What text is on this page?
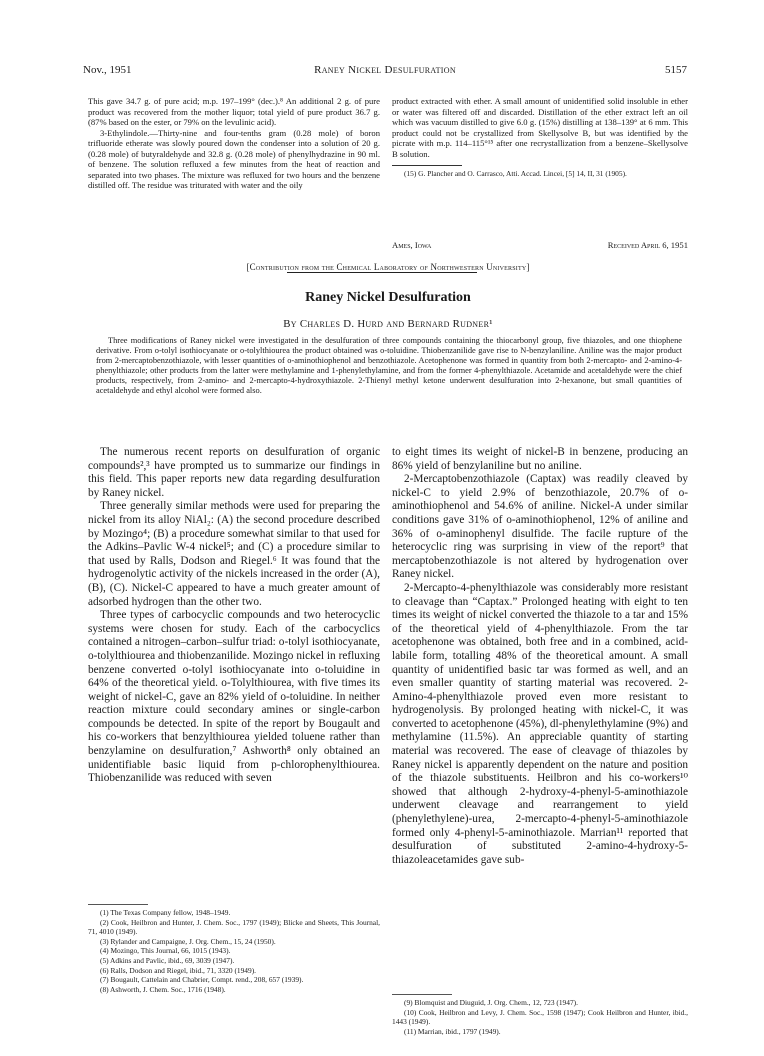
Nov., 1951	Raney Nickel Desulfuration	5157

This gave 34.7 g. of pure acid; m.p. 197–199° (dec.).⁸ An additional 2 g. of pure product was recovered from the mother liquor; total yield of pure product 36.7 g. (87% based on the ester, or 79% on the levulinic acid).

3-Ethylindole.—Thirty-nine and four-tenths gram (0.28 mole) of boron trifluoride etherate was slowly poured down the condenser into a solution of 20 g. (0.28 mole) of butyraldehyde and 32.8 g. (0.28 mole) of phenylhydrazine in 90 ml. of benzene. The solution refluxed a few minutes from the heat of reaction and separated into two phases. The mixture was refluxed for two hours and the benzene distilled off. The residue was triturated with water and the oily

product extracted with ether. A small amount of unidentified solid insoluble in ether or water was filtered off and discarded. Distillation of the ether extract left an oil which was vacuum distilled to give 6.0 g. (15%) distilling at 138–139° at 6 mm. This product could not be crystallized from Skellysolve B, but was identified by the picrate with m.p. 114–115°¹⁵ after one recrystallization from a benzene–Skellysolve B solution.

(15) G. Plancher and O. Carrasco, Atti. Accad. Lincei, [5] 14, II, 31 (1905).

Ames, Iowa	Received April 6, 1951
[Contribution from the Chemical Laboratory of Northwestern University]
Raney Nickel Desulfuration
By Charles D. Hurd and Bernard Rudner¹

Three modifications of Raney nickel were investigated in the desulfuration of three compounds containing the thiocarbonyl group, five thiazoles, and one thiophene derivative. From o-tolyl isothiocyanate or o-tolylthiourea the product obtained was o-toluidine. Thiobenzanilide gave rise to N-benzylaniline. Aniline was the major product from 2-mercaptobenzothiazole, with lesser quantities of o-aminothiophenol and benzothiazole. Acetophenone was formed in quantity from both 2-mercapto- and 2-amino-4-phenylthiazole; other products from the latter were methylamine and 1-phenylethylamine, and from the former 4-phenylthiazole. Acetamide and acetaldehyde were the chief products, respectively, from 2-amino- and 2-mercapto-4-hydroxythiazole. 2-Thienyl methyl ketone underwent desulfuration into 2-hexanone, but small quantities of acetaldehyde and ethyl alcohol were formed also.

The numerous recent reports on desulfuration of organic compounds²,³ have prompted us to summarize our findings in this field. This paper reports new data regarding desulfuration by Raney nickel.

Three generally similar methods were used for preparing the nickel from its alloy NiAl₂: (A) the second procedure described by Mozingo⁴; (B) a procedure somewhat similar to that used for the Adkins–Pavlic W-4 nickel⁵; and (C) a procedure similar to that used by Ralls, Dodson and Riegel.⁶ It was found that the hydrogenolytic activity of the nickels increased in the order (A), (B), (C). Nickel-C appeared to have a much greater amount of adsorbed hydrogen than the other two.

Three types of carbocyclic compounds and two heterocyclic systems were chosen for study. Each of the carbocyclics contained a nitrogen–carbon–sulfur triad: o-tolyl isothiocyanate, o-tolylthiourea and thiobenzanilide. Mozingo nickel in refluxing benzene converted o-tolyl isothiocyanate into o-toluidine in 64% of the theoretical yield. o-Tolylthiourea, with five times its weight of nickel-C, gave an 82% yield of o-toluidine. In neither reaction mixture could secondary amines or single-carbon compounds be detected. In spite of the report by Bougault and his co-workers that benzylthiourea yielded toluene rather than benzylamine on desulfuration,⁷ Ashworth⁸ only obtained an unidentifiable basic liquid from p-chlorophenylthiourea. Thiobenzanilide was reduced with seven

(1) The Texas Company fellow, 1948–1949.

(2) Cook, Heilbron and Hunter, J. Chem. Soc., 1797 (1949); Blicke and Sheets, This Journal, 71, 4010 (1949).

(3) Rylander and Campaigne, J. Org. Chem., 15, 24 (1950).

(4) Mozingo, This Journal, 66, 1015 (1943).

(5) Adkins and Pavlic, ibid., 69, 3039 (1947).

(6) Ralls, Dodson and Riegel, ibid., 71, 3320 (1949).

(7) Bougault, Cattelain and Chabrier, Compt. rend., 208, 657 (1939).

(8) Ashworth, J. Chem. Soc., 1716 (1948).

to eight times its weight of nickel-B in benzene, producing an 86% yield of benzylaniline but no aniline.

2-Mercaptobenzothiazole (Captax) was readily cleaved by nickel-C to yield 2.9% of benzothiazole, 20.7% of o-aminothiophenol and 54.6% of aniline. Nickel-A under similar conditions gave 31% of o-aminothiophenol, 12% of aniline and 36% of o-aminophenyl disulfide. The facile rupture of the heterocyclic ring was surprising in view of the report⁹ that mercaptobenzothiazole is not altered by hydrogenation over Raney nickel.

2-Mercapto-4-phenylthiazole was considerably more resistant to cleavage than “Captax.” Prolonged heating with eight to ten times its weight of nickel converted the thiazole to a tar and 15% of the theoretical yield of 4-phenylthiazole. From the tar acetophenone was obtained, both free and in a combined, acid-labile form, totalling 48% of the theoretical amount. A small quantity of unidentified basic tar was formed as well, and an even smaller quantity of starting material was recovered. 2-Amino-4-phenylthiazole proved even more resistant to hydrogenolysis. By prolonged heating with nickel-C, it was converted to acetophenone (45%), dl-phenylethylamine (9%) and methylamine (11.5%). An appreciable quantity of starting material was recovered. The ease of cleavage of thiazoles by Raney nickel is apparently dependent on the nature and position of the thiazole substituents. Heilbron and his co-workers¹⁰ showed that although 2-hydroxy-4-phenyl-5-aminothiazole underwent cleavage and rearrangement to yield (phenylethylene)-urea, 2-mercapto-4-phenyl-5-aminothiazole formed only 4-phenyl-5-aminothiazole. Marrian¹¹ reported that desulfuration of substituted 2-amino-4-hydroxy-5-thiazoleacetamides gave sub-

(9) Blomquist and Diuguid, J. Org. Chem., 12, 723 (1947).

(10) Cook, Heilbron and Levy, J. Chem. Soc., 1598 (1947); Cook Heilbron and Hunter, ibid., 1443 (1949).

(11) Marrian, ibid., 1797 (1949).
